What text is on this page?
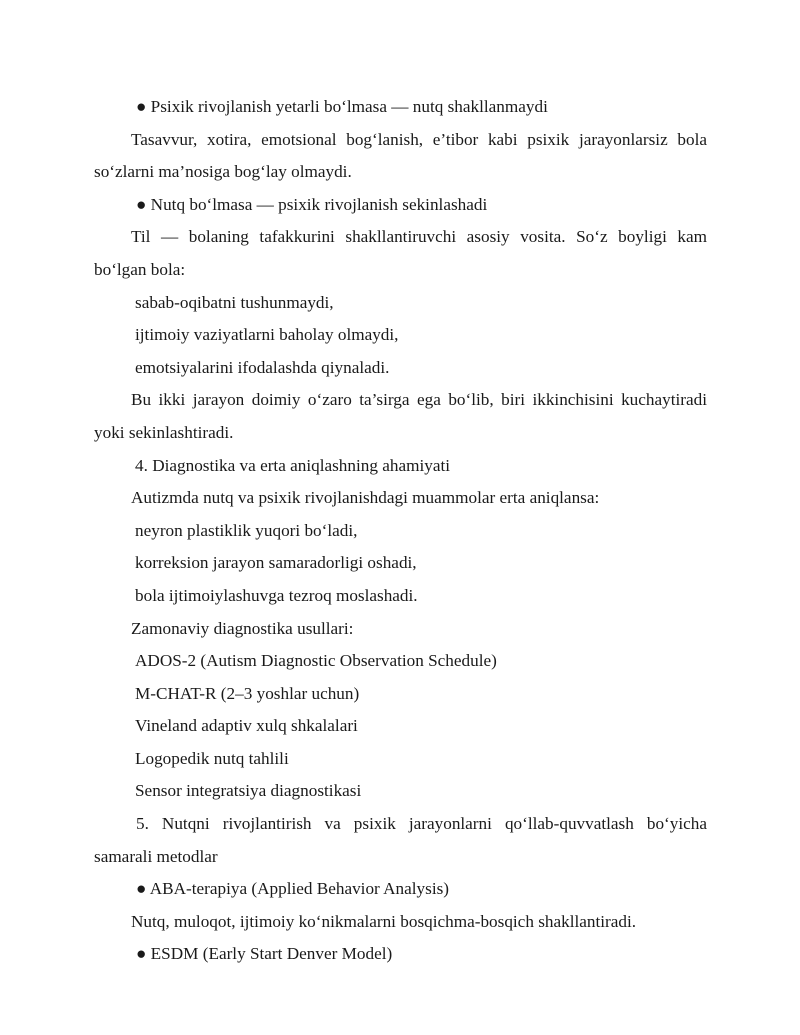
● Psixik rivojlanish yetarli bo‘lmasa — nutq shakllanmaydi
Tasavvur, xotira, emotsional bog‘lanish, e’tibor kabi psixik jarayonlarsiz bola so‘zlarni ma’nosiga bog‘lay olmaydi.
● Nutq bo‘lmasa — psixik rivojlanish sekinlashadi
Til — bolaning tafakkurini shakllantiruvchi asosiy vosita. So‘z boyligi kam bo‘lgan bola:
sabab-oqibatni tushunmaydi,
ijtimoiy vaziyatlarni baholay olmaydi,
emotsiyalarini ifodalashda qiynaladi.
Bu ikki jarayon doimiy o‘zaro ta’sirga ega bo‘lib, biri ikkinchisini kuchaytiradi yoki sekinlashtiradi.
4. Diagnostika va erta aniqlashning ahamiyati
Autizmda nutq va psixik rivojlanishdagi muammolar erta aniqlansa:
neyron plastiklik yuqori bo‘ladi,
korreksion jarayon samaradorligi oshadi,
bola ijtimoiylashuvga tezroq moslashadi.
Zamonaviy diagnostika usullari:
ADOS-2 (Autism Diagnostic Observation Schedule)
M-CHAT-R (2–3 yoshlar uchun)
Vineland adaptiv xulq shkalalari
Logopedik nutq tahlili
Sensor integratsiya diagnostikasi
5. Nutqni rivojlantirish va psixik jarayonlarni qo‘llab-quvvatlash bo‘yicha samarali metodlar
● ABA-terapiya (Applied Behavior Analysis)
Nutq, muloqot, ijtimoiy ko‘nikmalarni bosqichma-bosqich shakllantiradi.
● ESDM (Early Start Denver Model)
